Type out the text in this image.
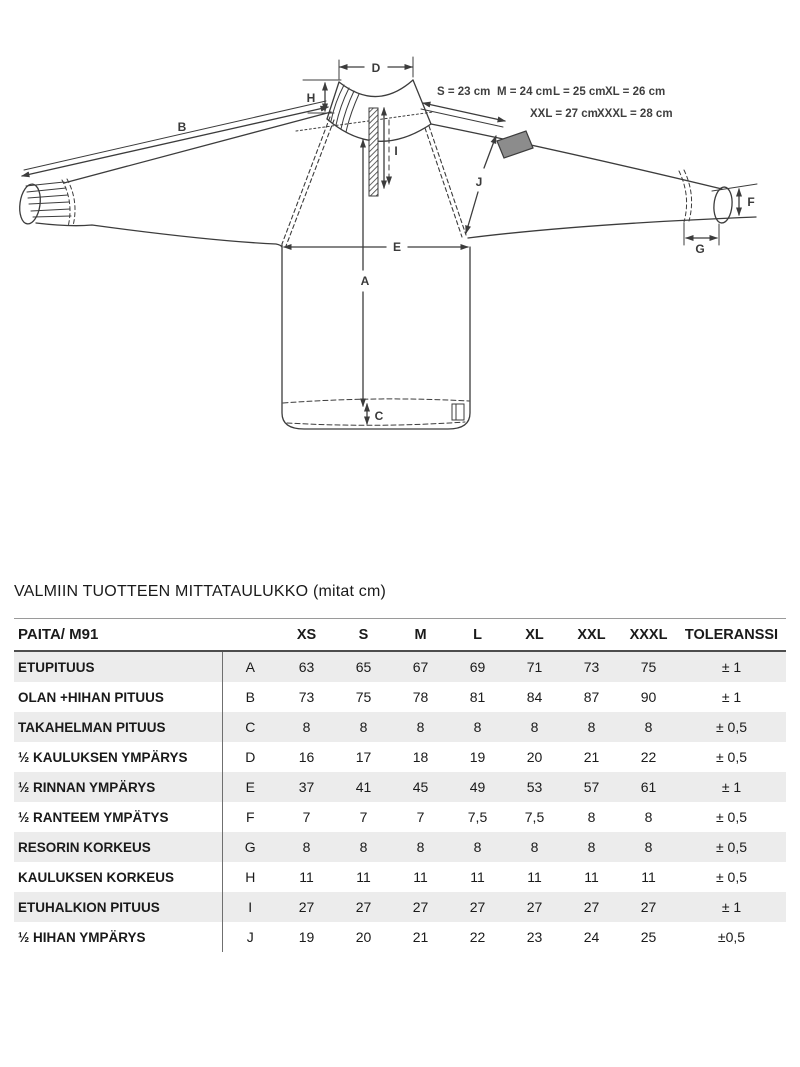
D
H
B
I
J
E
A
C
F
G
S = 23 cm M = 24 cm L = 25 cm XL = 26 cm
XXL = 27 cm XXXL = 28 cm
VALMIIN TUOTTEEN MITTATAULUKKO (mitat cm)
PAITA/ M91		XS	S	M	L	XL	XXL	XXXL	TOLERANSSI
ETUPITUUS	A	63	65	67	69	71	73	75	± 1
OLAN +HIHAN PITUUS	B	73	75	78	81	84	87	90	± 1
TAKAHELMAN PITUUS	C	8	8	8	8	8	8	8	± 0,5
½ KAULUKSEN YMPÄRYS	D	16	17	18	19	20	21	22	± 0,5
½ RINNAN YMPÄRYS	E	37	41	45	49	53	57	61	± 1
½ RANTEEM YMPÄTYS	F	7	7	7	7,5	7,5	8	8	± 0,5
RESORIN KORKEUS	G	8	8	8	8	8	8	8	± 0,5
KAULUKSEN KORKEUS	H	11	11	11	11	11	11	11	± 0,5
ETUHALKION PITUUS	I	27	27	27	27	27	27	27	± 1
½ HIHAN YMPÄRYS	J	19	20	21	22	23	24	25	±0,5
